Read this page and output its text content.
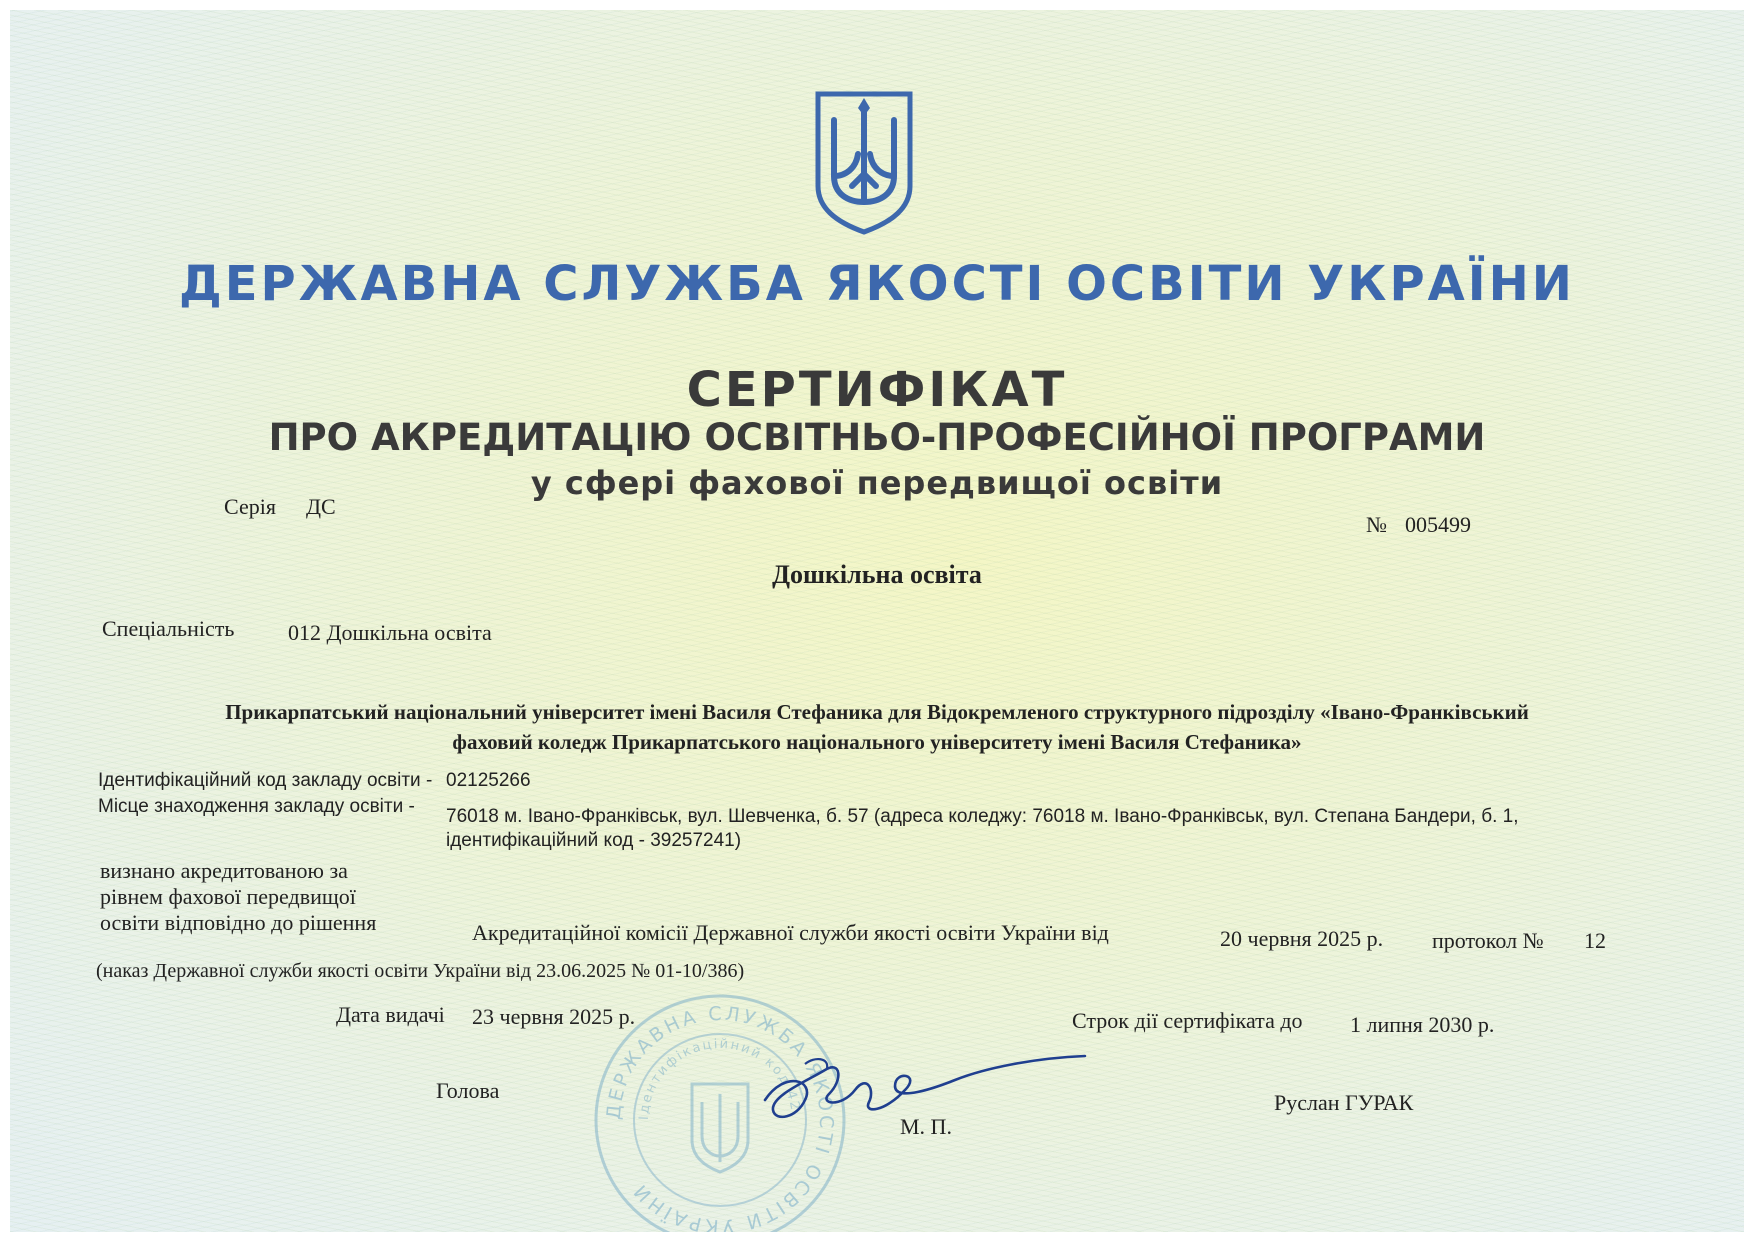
ДЕРЖАВНА СЛУЖБА ЯКОСТІ ОСВІТИ УКРАЇНИ
СЕРТИФІКАТ
ПРО АКРЕДИТАЦІЮ ОСВІТНЬО-ПРОФЕСІЙНОЇ ПРОГРАМИ
у сфері фахової передвищої освіти
Серія ДС
№ 005499
Дошкільна освіта
Спеціальність 012 Дошкільна освіта
Прикарпатський національний університет імені Василя Стефаника для Відокремленого структурного підрозділу «Івано-Франківський
фаховий коледж Прикарпатського національного університету імені Василя Стефаника»
Ідентифікаційний код закладу освіти - 02125266
Місце знаходження закладу освіти - 76018 м. Івано-Франківськ, вул. Шевченка, б. 57 (адреса коледжу: 76018 м. Івано-Франківськ, вул. Степана Бандери, б. 1,
ідентифікаційний код - 39257241)
визнано акредитованою за
рівнем фахової передвищої
освіти відповідно до рішення	Акредитаційної комісії Державної служби якості освіти України від	20 червня 2025 р. протокол № 12
(наказ Державної служби якості освіти України від 23.06.2025 № 01-10/386)
Дата видачі 23 червня 2025 р.	Строк дії сертифіката до 1 липня 2030 р.
ДЕРЖАВНА СЛУЖБА ЯКОСТІ ОСВІТИ УКРАЇНИ
Ідентифікаційний код 42
Голова
М. П.
Руслан ГУРАК
